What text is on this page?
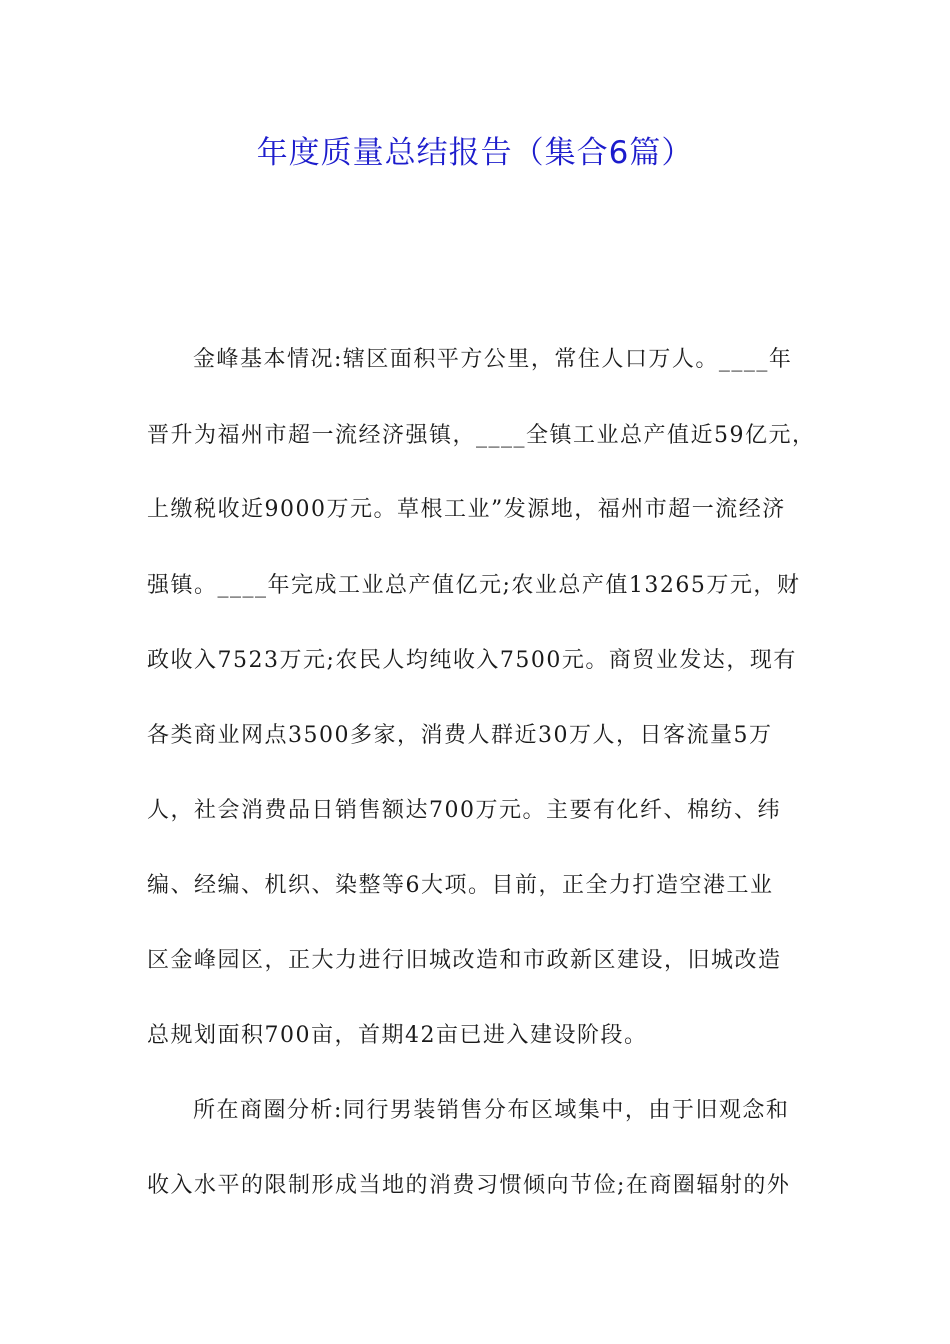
年度质量总结报告（集合6篇）
金峰基本情况:辖区面积平方公里，常住人口万人。____年
晋升为福州市超一流经济强镇，____全镇工业总产值近59亿元，
上缴税收近9000万元。草根工业”发源地，福州市超一流经济
强镇。____年完成工业总产值亿元;农业总产值13265万元，财
政收入7523万元;农民人均纯收入7500元。商贸业发达，现有
各类商业网点3500多家，消费人群近30万人，日客流量5万
人，社会消费品日销售额达700万元。主要有化纤、棉纺、纬
编、经编、机织、染整等6大项。目前，正全力打造空港工业
区金峰园区，正大力进行旧城改造和市政新区建设，旧城改造
总规划面积700亩，首期42亩已进入建设阶段。
所在商圈分析:同行男装销售分布区域集中，由于旧观念和
收入水平的限制形成当地的消费习惯倾向节俭;在商圈辐射的外
